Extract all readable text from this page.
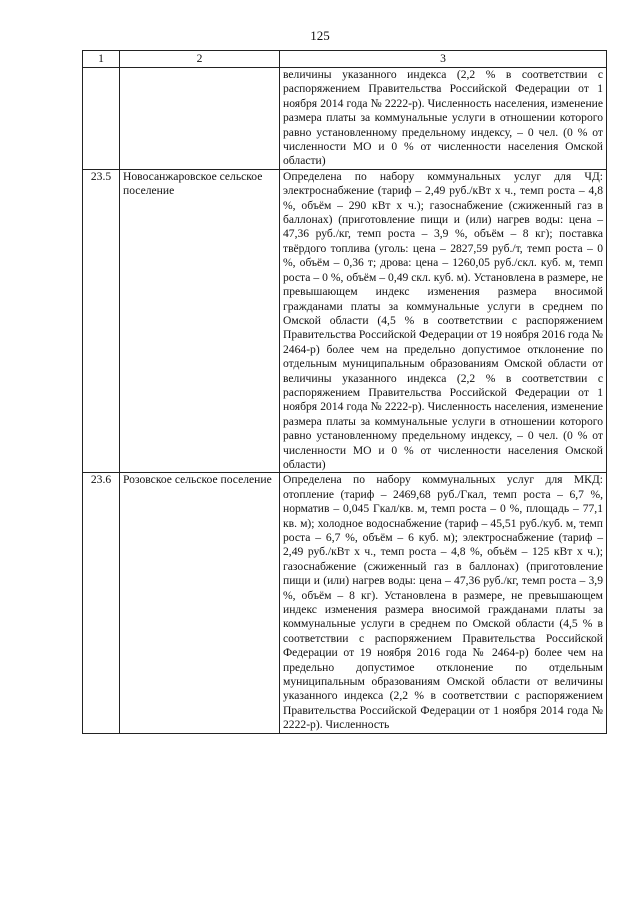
125
1	2	3
		величины указанного индекса (2,2 % в соответствии с распоряжением Правительства Российской Федерации от 1 ноября 2014 года № 2222-р). Численность населения, изменение размера платы за коммунальные услуги в отношении которого равно установленному предельному индексу, – 0 чел. (0 % от численности МО и 0 % от численности населения Омской области)
23.5	Новосанжаровское сельское поселение	Определена по набору коммунальных услуг для ЧД: электроснабжение (тариф – 2,49 руб./кВт х ч., темп роста – 4,8 %, объём – 290 кВт х ч.); газоснабжение (сжиженный газ в баллонах) (приготовление пищи и (или) нагрев воды: цена – 47,36 руб./кг, темп роста – 3,9 %, объём – 8 кг); поставка твёрдого топлива (уголь: цена – 2827,59 руб./т, темп роста – 0 %, объём – 0,36 т; дрова: цена – 1260,05 руб./скл. куб. м, темп роста – 0 %, объём – 0,49 скл. куб. м). Установлена в размере, не превышающем индекс изменения размера вносимой гражданами платы за коммунальные услуги в среднем по Омской области (4,5 % в соответствии с распоряжением Правительства Российской Федерации от 19 ноября 2016 года № 2464-р) более чем на предельно допустимое отклонение по отдельным муниципальным образованиям Омской области от величины указанного индекса (2,2 % в соответствии с распоряжением Правительства Российской Федерации от 1 ноября 2014 года № 2222-р). Численность населения, изменение размера платы за коммунальные услуги в отношении которого равно установленному предельному индексу, – 0 чел. (0 % от численности МО и 0 % от численности населения Омской области)
23.6	Розовское сельское поселение	Определена по набору коммунальных услуг для МКД: отопление (тариф – 2469,68 руб./Гкал, темп роста – 6,7 %, норматив – 0,045 Гкал/кв. м, темп роста – 0 %, площадь – 77,1 кв. м); холодное водоснабжение (тариф – 45,51 руб./куб. м, темп роста – 6,7 %, объём – 6 куб. м); электроснабжение (тариф – 2,49 руб./кВт х ч., темп роста – 4,8 %, объём – 125 кВт х ч.); газоснабжение (сжиженный газ в баллонах) (приготовление пищи и (или) нагрев воды: цена – 47,36 руб./кг, темп роста – 3,9 %, объём – 8 кг). Установлена в размере, не превышающем индекс изменения размера вносимой гражданами платы за коммунальные услуги в среднем по Омской области (4,5 % в соответствии с распоряжением Правительства Российской Федерации от 19 ноября 2016 года № 2464-р) более чем на предельно допустимое отклонение по отдельным муниципальным образованиям Омской области от величины указанного индекса (2,2 % в соответствии с распоряжением Правительства Российской Федерации от 1 ноября 2014 года № 2222-р). Численность
